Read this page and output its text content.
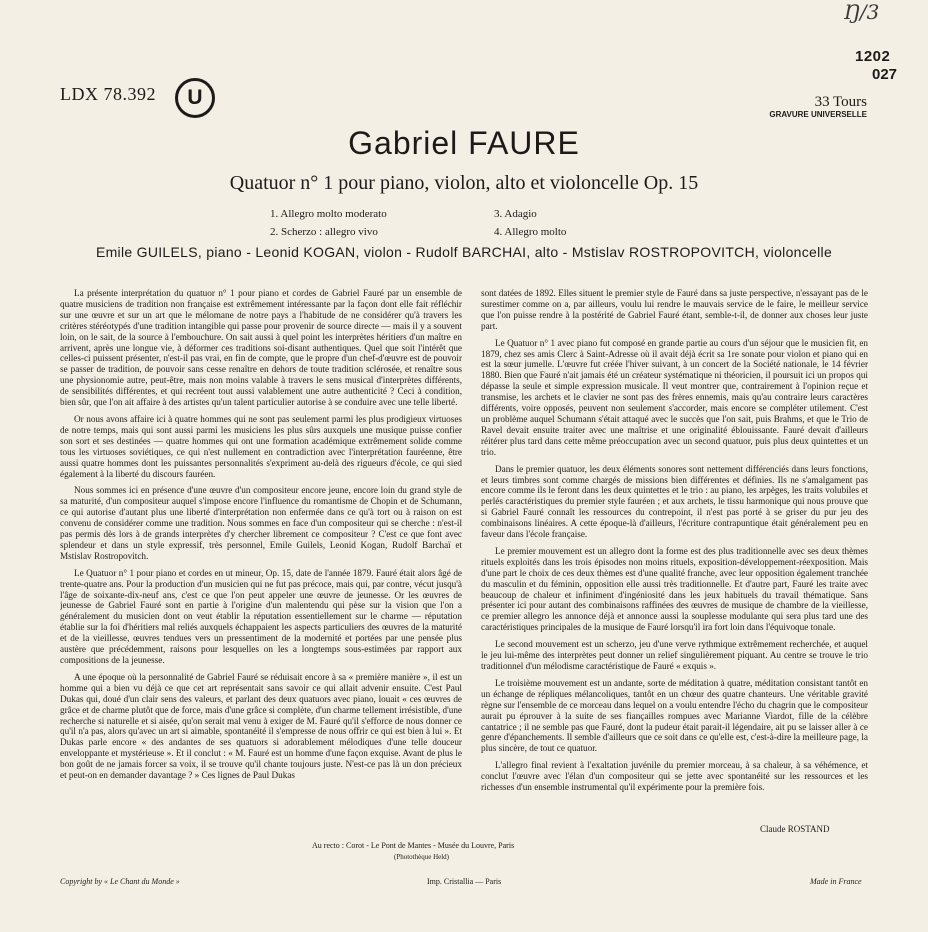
Ŋ/3
1202
027
LDX 78.392	U	33 Tours
GRAVURE UNIVERSELLE
Gabriel FAURE
Quatuor n° 1 pour piano, violon, alto et violoncelle Op. 15
1. Allegro molto moderato
2. Scherzo : allegro vivo
3. Adagio
4. Allegro molto
Emile GUILELS, piano - Leonid KOGAN, violon - Rudolf BARCHAI, alto - Mstislav ROSTROPOVITCH, violoncelle

La présente interprétation du quatuor n° 1 pour piano et cordes de Gabriel Fauré par un ensemble de quatre musiciens de tradition non française est extrêmement intéressante par la façon dont elle fait réfléchir sur une œuvre et sur un art que le mélomane de notre pays a l'habitude de ne considérer qu'à travers les critères stéréotypés d'une tradition intangible qui passe pour provenir de source directe — mais il y a souvent loin, on le sait, de la source à l'embouchure. On sait aussi à quel point les interprètes héritiers d'un maître en arrivent, après une longue vie, à déformer ces traditions soi-disant authentiques. Quel que soit l'intérêt que celles-ci puissent présenter, n'est-il pas vrai, en fin de compte, que le propre d'un chef-d'œuvre est de pouvoir se passer de tradition, de pouvoir sans cesse renaître en dehors de toute tradition sclérosée, et renaître sous une physionomie autre, peut-être, mais non moins valable à travers le sens musical d'interprètes différents, de sensibilités différentes, et qui recréent tout aussi valablement une autre authenticité ? Ceci à condition, bien sûr, que l'on ait affaire à des artistes qu'un talent particulier autorise à se conduire avec une telle liberté.

Or nous avons affaire ici à quatre hommes qui ne sont pas seulement parmi les plus prodigieux virtuoses de notre temps, mais qui sont aussi parmi les musiciens les plus sûrs auxquels une musique puisse confier son sort et ses destinées — quatre hommes qui ont une formation académique extrêmement solide comme tous les virtuoses soviétiques, ce qui n'est nullement en contradiction avec l'interprétation fauréenne, être aussi quatre hommes dont les puissantes personnalités s'expriment au-delà des rigueurs d'école, ce qui sied également à la liberté du discours fauréen.

Nous sommes ici en présence d'une œuvre d'un compositeur encore jeune, encore loin du grand style de sa maturité, d'un compositeur auquel s'impose encore l'influence du romantisme de Chopin et de Schumann, ce qui autorise d'autant plus une liberté d'interprétation non enfermée dans ce qu'à tort ou à raison on est convenu de considérer comme une tradition. Nous sommes en face d'un compositeur qui se cherche : n'est-il pas permis dès lors à de grands interprètes d'y chercher librement ce compositeur ? C'est ce que font avec splendeur et dans un style expressif, très personnel, Emile Guilels, Leonid Kogan, Rudolf Barchaï et Mstislav Rostropovitch.

Le Quatuor n° 1 pour piano et cordes en ut mineur, Op. 15, date de l'année 1879. Fauré était alors âgé de trente-quatre ans. Pour la production d'un musicien qui ne fut pas précoce, mais qui, par contre, vécut jusqu'à l'âge de soixante-dix-neuf ans, c'est ce que l'on peut appeler une œuvre de jeunesse. Or les œuvres de jeunesse de Gabriel Fauré sont en partie à l'origine d'un malentendu qui pèse sur la vision que l'on a généralement du musicien dont on veut établir la réputation essentiellement sur le charme — réputation établie sur la foi d'héritiers mal reliés auxquels échappaient les aspects particuliers des œuvres de la maturité et de la vieillesse, œuvres tendues vers un pressentiment de la modernité et portées par une pensée plus austère que précédemment, raisons pour lesquelles on les a longtemps sous-estimées par rapport aux compositions de la jeunesse.

A une époque où la personnalité de Gabriel Fauré se réduisait encore à sa « première manière », il est un homme qui a bien vu déjà ce que cet art représentait sans savoir ce qui allait advenir ensuite. C'est Paul Dukas qui, doué d'un clair sens des valeurs, et parlant des deux quatuors avec piano, louait « ces œuvres de grâce et de charme plutôt que de force, mais d'une grâce si complète, d'un charme tellement irrésistible, d'une recherche si naturelle et si aisée, qu'on serait mal venu à exiger de M. Fauré qu'il s'efforce de nous donner ce qu'il n'a pas, alors qu'avec un art si aimable, spontanéité il s'empresse de nous offrir ce qui est bien à lui ». Et Dukas parle encore « des andantes de ses quatuors si adorablement mélodiques d'une telle douceur enveloppante et mystérieuse ». Et il conclut : « M. Fauré est un homme d'une façon exquise. Avant de plus le bon goût de ne jamais forcer sa voix, il se trouve qu'il chante toujours juste. N'est-ce pas là un don précieux et peut-on en demander davantage ? » Ces lignes de Paul Dukas

sont datées de 1892. Elles situent le premier style de Fauré dans sa juste perspective, n'essayant pas de le surestimer comme on a, par ailleurs, voulu lui rendre le mauvais service de le faire, le meilleur service que l'on puisse rendre à la postérité de Gabriel Fauré étant, semble-t-il, de donner aux choses leur juste part.

Le Quatuor n° 1 avec piano fut composé en grande partie au cours d'un séjour que le musicien fit, en 1879, chez ses amis Clerc à Saint-Adresse où il avait déjà écrit sa 1re sonate pour violon et piano qui en est la sœur jumelle. L'œuvre fut créée l'hiver suivant, à un concert de la Société nationale, le 14 février 1880. Bien que Fauré n'ait jamais été un créateur systématique ni théoricien, il poursuit ici un propos qui dépasse la seule et simple expression musicale. Il veut montrer que, contrairement à l'opinion reçue et transmise, les archets et le clavier ne sont pas des frères ennemis, mais qu'au contraire leurs caractères différents, voire opposés, peuvent non seulement s'accorder, mais encore se compléter utilement. C'est un problème auquel Schumann s'était attaqué avec le succès que l'on sait, puis Brahms, et que le Trio de Ravel devait ensuite traiter avec une maîtrise et une originalité éblouissante. Fauré devait d'ailleurs réitérer plus tard dans cette même préoccupation avec un second quatuor, puis plus deux quintettes et un trio.

Dans le premier quatuor, les deux éléments sonores sont nettement différenciés dans leurs fonctions, et leurs timbres sont comme chargés de missions bien différentes et définies. Ils ne s'amalgament pas encore comme ils le feront dans les deux quintettes et le trio : au piano, les arpèges, les traits volubiles et perlés caractéristiques du premier style fauréen ; et aux archets, le tissu harmonique qui nous prouve que si Gabriel Fauré connaît les ressources du contrepoint, il n'est pas porté à se griser du pur jeu des combinaisons linéaires. A cette époque-là d'ailleurs, l'écriture contrapuntique était généralement peu en faveur dans l'école française.

Le premier mouvement est un allegro dont la forme est des plus traditionnelle avec ses deux thèmes rituels exploités dans les trois épisodes non moins rituels, exposition-développement-réexposition. Mais d'une part le choix de ces deux thèmes est d'une qualité franche, avec leur opposition également tranchée du masculin et du féminin, opposition elle aussi très traditionnelle. Et d'autre part, Fauré les traite avec beaucoup de chaleur et infiniment d'ingéniosité dans les jeux habituels du travail thématique. Sans présenter ici pour autant des combinaisons raffinées des œuvres de musique de chambre de la vieillesse, ce premier allegro les annonce déjà et annonce aussi la souplesse modulante qui sera plus tard une des caractéristiques principales de la musique de Fauré lorsqu'il ira fort loin dans l'équivoque tonale.

Le second mouvement est un scherzo, jeu d'une verve rythmique extrêmement recherchée, et auquel le jeu lui-même des interprètes peut donner un relief singulièrement piquant. Au centre se trouve le trio traditionnel d'un mélodisme caractéristique de Fauré « exquis ».

Le troisième mouvement est un andante, sorte de méditation à quatre, méditation consistant tantôt en un échange de répliques mélancoliques, tantôt en un chœur des quatre chanteurs. Une véritable gravité règne sur l'ensemble de ce morceau dans lequel on a voulu entendre l'écho du chagrin que le compositeur aurait pu éprouver à la suite de ses fiançailles rompues avec Marianne Viardot, fille de la célèbre cantatrice ; il ne semble pas que Fauré, dont la pudeur était parait-il légendaire, ait pu se laisser aller à ce genre d'épanchements. Il semble d'ailleurs que ce soit dans ce qu'elle est, c'est-à-dire la meilleure page, la plus sincère, de tout ce quatuor.

L'allegro final revient à l'exaltation juvénile du premier morceau, à sa chaleur, à sa véhémence, et conclut l'œuvre avec l'élan d'un compositeur qui se jette avec spontanéité sur les ressources et les richesses d'un ensemble instrumental qu'il expérimente pour la première fois.

Claude ROSTAND
Au recto : Corot - Le Pont de Mantes - Musée du Louvre, Paris
(Photothèque Held)
Copyright by « Le Chant du Monde »	Imp. Cristallia — Paris	Made in France
